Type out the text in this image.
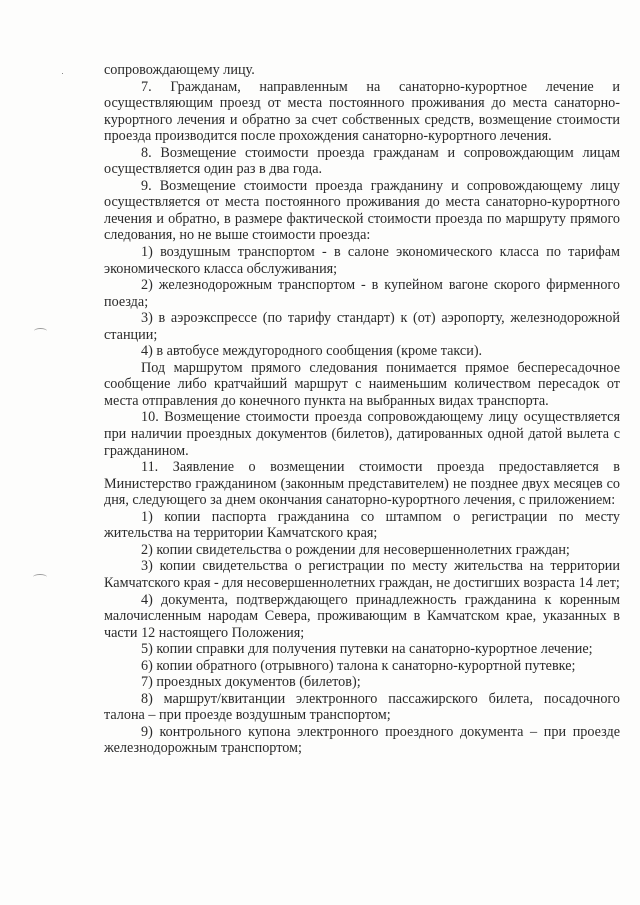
сопровождающему лицу.

7. Гражданам, направленным на санаторно-курортное лечение и осуществляющим проезд от места постоянного проживания до места санаторно-курортного лечения и обратно за счет собственных средств, возмещение стоимости проезда производится после прохождения санаторно-курортного лечения.

8. Возмещение стоимости проезда гражданам и сопровождающим лицам осуществляется один раз в два года.

9. Возмещение стоимости проезда гражданину и сопровождающему лицу осуществляется от места постоянного проживания до места санаторно-курортного лечения и обратно, в размере фактической стоимости проезда по маршруту прямого следования, но не выше стоимости проезда:

1) воздушным транспортом - в салоне экономического класса по тарифам экономического класса обслуживания;

2) железнодорожным транспортом - в купейном вагоне скорого фирменного поезда;

3) в аэроэкспрессе (по тарифу стандарт) к (от) аэропорту, железнодорожной станции;

4) в автобусе междугородного сообщения (кроме такси).

Под маршрутом прямого следования понимается прямое беспересадочное сообщение либо кратчайший маршрут с наименьшим количеством пересадок от места отправления до конечного пункта на выбранных видах транспорта.

10. Возмещение стоимости проезда сопровождающему лицу осуществляется при наличии проездных документов (билетов), датированных одной датой вылета с гражданином.

11. Заявление о возмещении стоимости проезда предоставляется в Министерство гражданином (законным представителем) не позднее двух месяцев со дня, следующего за днем окончания санаторно-курортного лечения, с приложением:

1) копии паспорта гражданина со штампом о регистрации по месту жительства на территории Камчатского края;

2) копии свидетельства о рождении для несовершеннолетних граждан;

3) копии свидетельства о регистрации по месту жительства на территории Камчатского края - для несовершеннолетних граждан, не достигших возраста 14 лет;

4) документа, подтверждающего принадлежность гражданина к коренным малочисленным народам Севера, проживающим в Камчатском крае, указанных в части 12 настоящего Положения;

5) копии справки для получения путевки на санаторно-курортное лечение;

6) копии обратного (отрывного) талона к санаторно-курортной путевке;

7) проездных документов (билетов);

8) маршрут/квитанции электронного пассажирского билета, посадочного талона – при проезде воздушным транспортом;

9) контрольного купона электронного проездного документа – при проезде железнодорожным транспортом;
